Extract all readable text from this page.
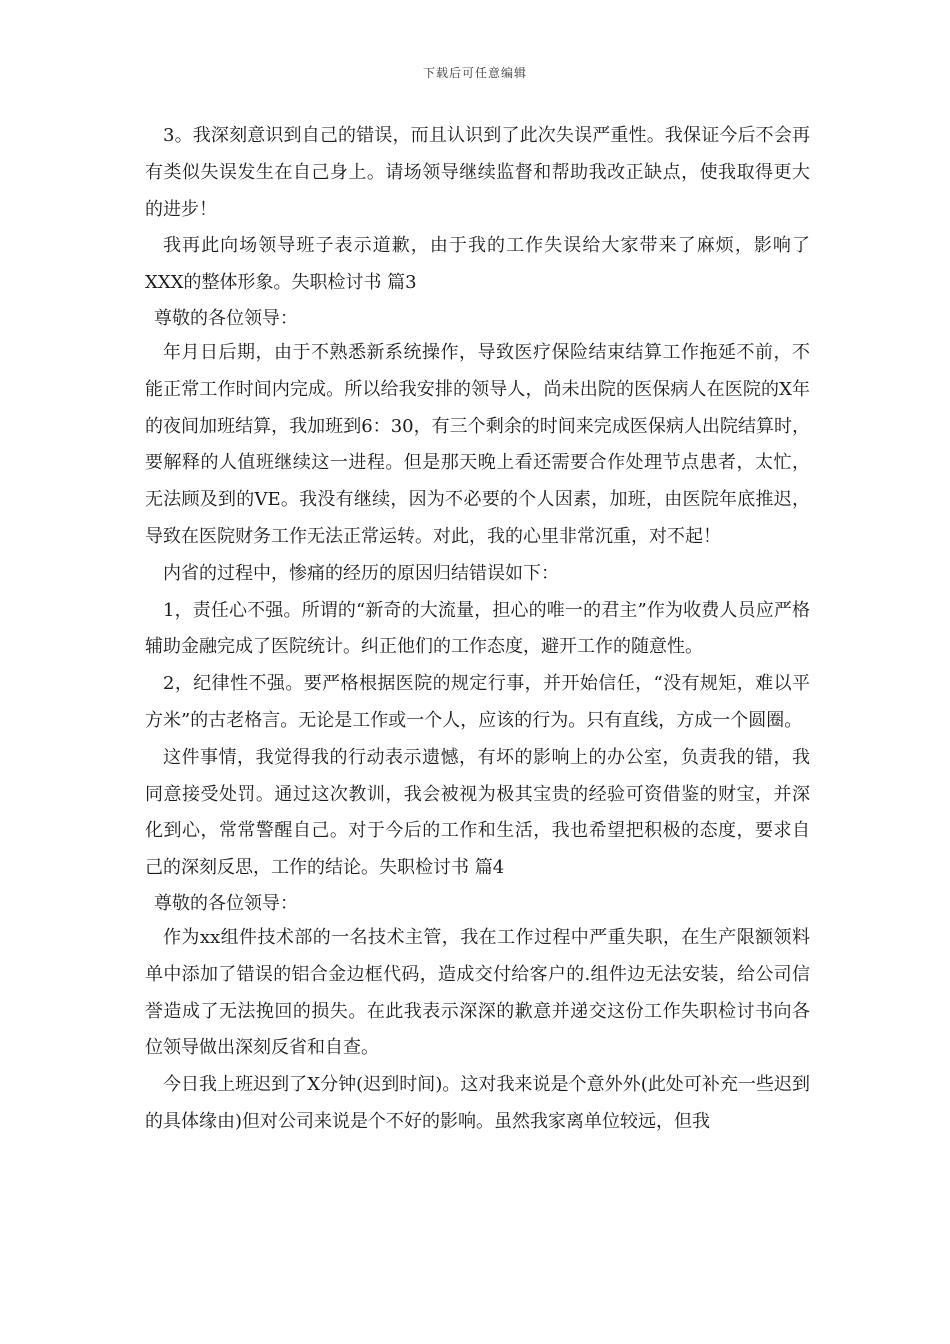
下载后可任意编辑

3。我深刻意识到自己的错误，而且认识到了此次失误严重性。我保证今后不会再有类似失误发生在自己身上。请场领导继续监督和帮助我改正缺点，使我取得更大的进步！

我再此向场领导班子表示道歉，由于我的工作失误给大家带来了麻烦，影响了XXX的整体形象。失职检讨书 篇3

尊敬的各位领导：

年月日后期，由于不熟悉新系统操作，导致医疗保险结束结算工作拖延不前，不能正常工作时间内完成。所以给我安排的领导人，尚未出院的医保病人在医院的X年的夜间加班结算，我加班到6：30，有三个剩余的时间来完成医保病人出院结算时，要解释的人值班继续这一进程。但是那天晚上看还需要合作处理节点患者，太忙，无法顾及到的VE。我没有继续，因为不必要的个人因素，加班，由医院年底推迟，导致在医院财务工作无法正常运转。对此，我的心里非常沉重，对不起！

内省的过程中，惨痛的经历的原因归结错误如下：

1，责任心不强。所谓的“新奇的大流量，担心的唯一的君主”作为收费人员应严格辅助金融完成了医院统计。纠正他们的工作态度，避开工作的随意性。

2，纪律性不强。要严格根据医院的规定行事，并开始信任，“没有规矩，难以平方米”的古老格言。无论是工作或一个人，应该的行为。只有直线，方成一个圆圈。

这件事情，我觉得我的行动表示遗憾，有坏的影响上的办公室，负责我的错，我同意接受处罚。通过这次教训，我会被视为极其宝贵的经验可资借鉴的财宝，并深化到心，常常警醒自己。对于今后的工作和生活，我也希望把积极的态度，要求自己的深刻反思，工作的结论。失职检讨书 篇4

尊敬的各位领导：

作为xx组件技术部的一名技术主管，我在工作过程中严重失职，在生产限额领料单中添加了错误的铝合金边框代码，造成交付给客户的.组件边无法安装，给公司信誉造成了无法挽回的损失。在此我表示深深的歉意并递交这份工作失职检讨书向各位领导做出深刻反省和自查。

今日我上班迟到了X分钟(迟到时间)。这对我来说是个意外外(此处可补充一些迟到的具体缘由)但对公司来说是个不好的影响。虽然我家离单位较远，但我
